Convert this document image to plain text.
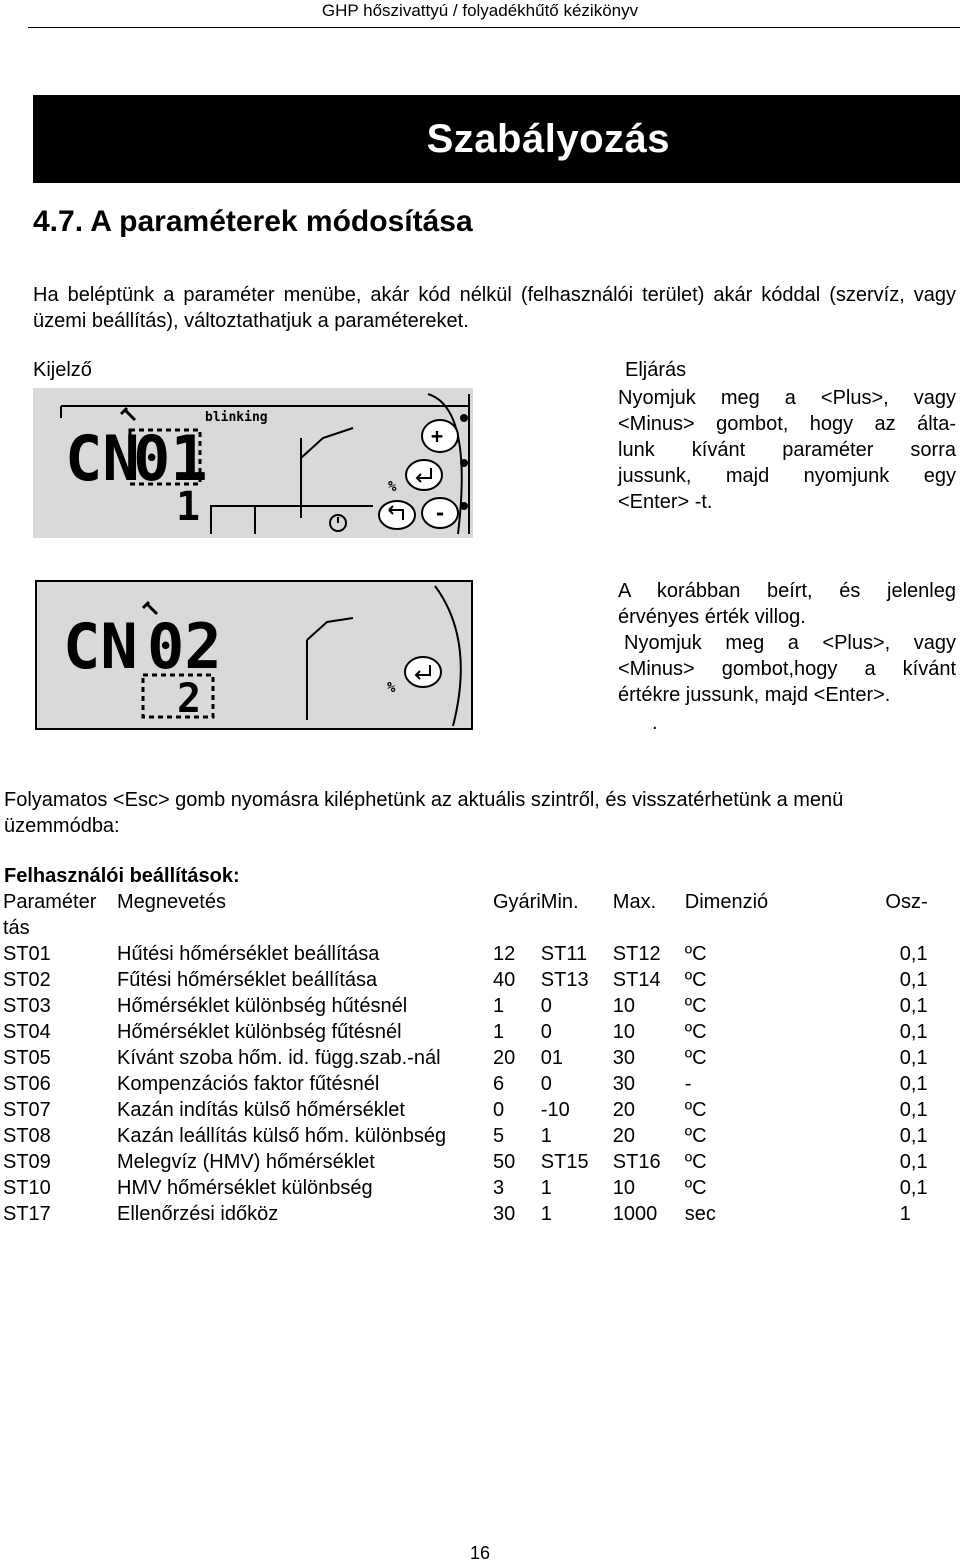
GHP hőszivattyú / folyadékhűtő kézikönyv
Szabályozás
4.7. A paraméterek módosítása
Ha beléptünk a paraméter menübe, akár kód nélkül (felhasználói terület) akár kóddal (szervíz, vagy üzemi beállítás), változtathatjuk a paramétereket.
Kijelző	Eljárás
Nyomjuk meg a <Plus>, vagy
<Minus> gombot, hogy az álta-
lunk kívánt paraméter sorra
jussunk, majd nyomjunk egy
<Enter> -t.
A korábban beírt, és jelenleg
érvényes érték villog.
Nyomjuk meg a <Plus>, vagy
<Minus> gombot,hogy a kívánt
értékre jussunk, majd <Enter>.
.
blinking
CN
01
1
+
-
%
CN 02
2	%
Folyamatos <Esc> gomb nyomásra kiléphetünk az aktuális szintről, és visszatérhetünk a menü üzemmódba:
Felhasználói beállítások:
Paraméter	Megnevetés	Gyári	Min.	Max.	Dimenzió	Osz-
tás						
ST01	Hűtési hőmérséklet beállítása	12	ST11	ST12	ºC	0,1
ST02	Fűtési hőmérséklet beállítása	40	ST13	ST14	ºC	0,1
ST03	Hőmérséklet különbség hűtésnél	1	0	10	ºC	0,1
ST04	Hőmérséklet különbség fűtésnél	1	0	10	ºC	0,1
ST05	Kívánt szoba hőm. id. függ.szab.-nál	20	01	30	ºC	0,1
ST06	Kompenzációs faktor fűtésnél	6	0	30	-	0,1
ST07	Kazán indítás külső hőmérséklet	0	-10	20	ºC	0,1
ST08	Kazán leállítás külső hőm. különbség	5	1	20	ºC	0,1
ST09	Melegvíz (HMV) hőmérséklet	50	ST15	ST16	ºC	0,1
ST10	HMV hőmérséklet különbség	3	1	10	ºC	0,1
ST17	Ellenőrzési időköz	30	1	1000	sec	1
16
